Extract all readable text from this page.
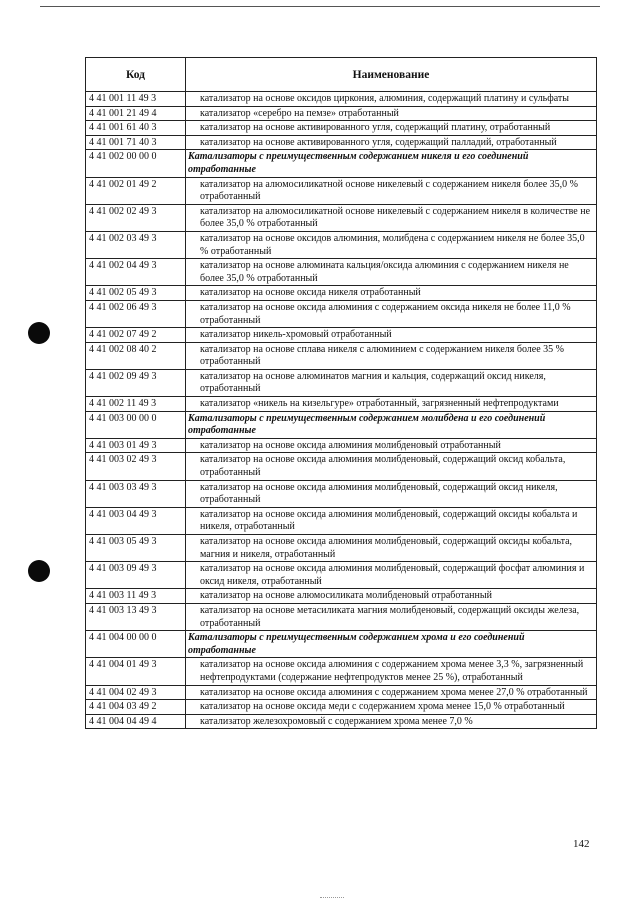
Код	Наименование
4 41 001 11 49 3	катализатор на основе оксидов циркония, алюминия, содержащий платину и сульфаты
4 41 001 21 49 4	катализатор «серебро на пемзе» отработанный
4 41 001 61 40 3	катализатор на основе активированного угля, содержащий платину, отработанный
4 41 001 71 40 3	катализатор на основе активированного угля, содержащий палладий, отработанный
4 41 002 00 00 0	Катализаторы с преимущественным содержанием никеля и его соединений отработанные
4 41 002 01 49 2	катализатор на алюмосиликатной основе никелевый с содержанием никеля более 35,0 % отработанный
4 41 002 02 49 3	катализатор на алюмосиликатной основе никелевый с содержанием никеля в количестве не более 35,0 % отработанный
4 41 002 03 49 3	катализатор на основе оксидов алюминия, молибдена с содержанием никеля не более 35,0 % отработанный
4 41 002 04 49 3	катализатор на основе алюмината кальция/оксида алюминия с содержанием никеля не более 35,0 % отработанный
4 41 002 05 49 3	катализатор на основе оксида никеля отработанный
4 41 002 06 49 3	катализатор на основе оксида алюминия с содержанием оксида никеля не более 11,0 % отработанный
4 41 002 07 49 2	катализатор никель-хромовый отработанный
4 41 002 08 40 2	катализатор на основе сплава никеля с алюминием с содержанием никеля более 35 % отработанный
4 41 002 09 49 3	катализатор на основе алюминатов магния и кальция, содержащий оксид никеля, отработанный
4 41 002 11 49 3	катализатор «никель на кизельгуре» отработанный, загрязненный нефтепродуктами
4 41 003 00 00 0	Катализаторы с преимущественным содержанием молибдена и его соединений отработанные
4 41 003 01 49 3	катализатор на основе оксида алюминия молибденовый отработанный
4 41 003 02 49 3	катализатор на основе оксида алюминия молибденовый, содержащий оксид кобальта, отработанный
4 41 003 03 49 3	катализатор на основе оксида алюминия молибденовый, содержащий оксид никеля, отработанный
4 41 003 04 49 3	катализатор на основе оксида алюминия молибденовый, содержащий оксиды кобальта и никеля, отработанный
4 41 003 05 49 3	катализатор на основе оксида алюминия молибденовый, содержащий оксиды кобальта, магния и никеля, отработанный
4 41 003 09 49 3	катализатор на основе оксида алюминия молибденовый, содержащий фосфат алюминия и оксид никеля, отработанный
4 41 003 11 49 3	катализатор на основе алюмосиликата молибденовый отработанный
4 41 003 13 49 3	катализатор на основе метасиликата магния молибденовый, содержащий оксиды железа, отработанный
4 41 004 00 00 0	Катализаторы с преимущественным содержанием хрома и его соединений отработанные
4 41 004 01 49 3	катализатор на основе оксида алюминия с содержанием хрома менее 3,3 %, загрязненный нефтепродуктами (содержание нефтепродуктов менее 25 %), отработанный
4 41 004 02 49 3	катализатор на основе оксида алюминия с содержанием хрома менее 27,0 % отработанный
4 41 004 03 49 2	катализатор на основе оксида меди с содержанием хрома менее 15,0 % отработанный
4 41 004 04 49 4	катализатор железохромовый с содержанием хрома менее 7,0 %
142
